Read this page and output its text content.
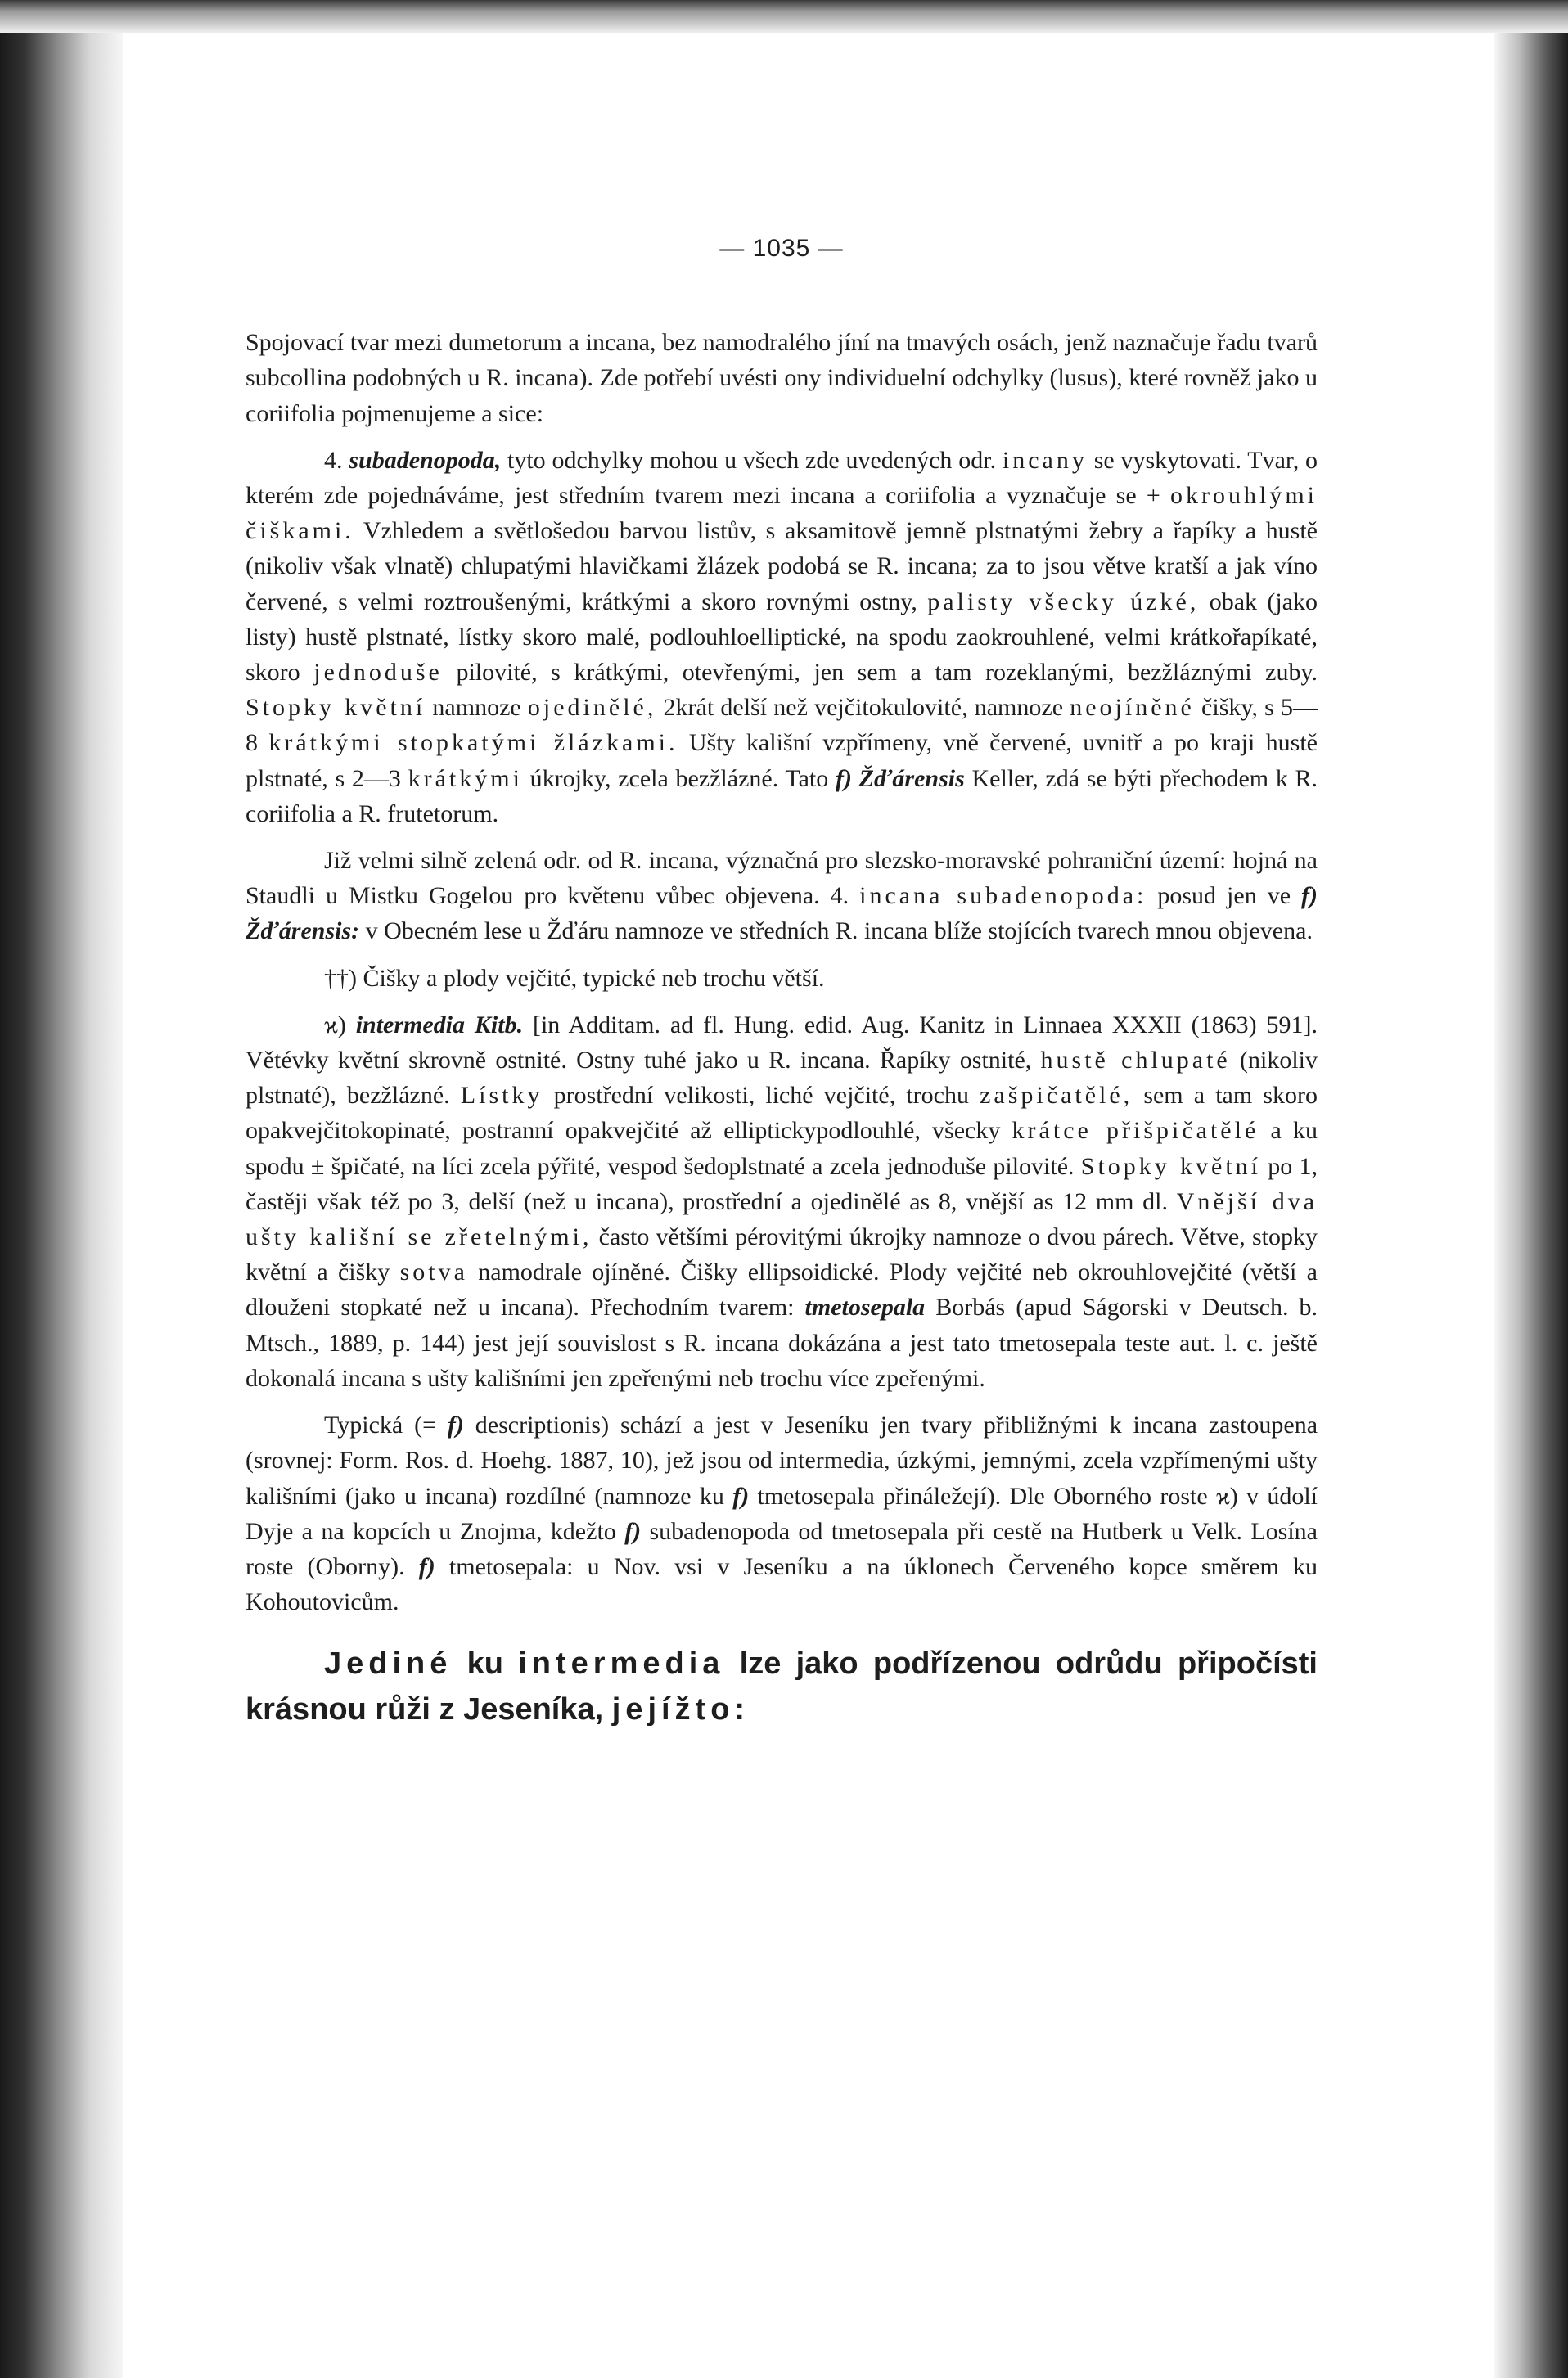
— 1035 —

Spojovací tvar mezi dumetorum a incana, bez namodralého jíní na tmavých osách, jenž naznačuje řadu tvarů subcollina podobných u R. incana). Zde potřebí uvésti ony individuelní odchylky (lusus), které rovněž jako u coriifolia pojmenujeme a sice:

4. subadenopoda, tyto odchylky mohou u všech zde uvedených odr. incany se vyskytovati. Tvar, o kterém zde pojednáváme, jest středním tvarem mezi incana a coriifolia a vyznačuje se + okrouhlými čiškami. Vzhledem a světlošedou barvou listův, s aksamitově jemně plstnatými žebry a řapíky a hustě (nikoliv však vlnatě) chlupatými hlavičkami žlázek podobá se R. incana; za to jsou větve kratší a jak víno červené, s velmi roztroušenými, krátkými a skoro rovnými ostny, palisty všecky úzké, obak (jako listy) hustě plstnaté, lístky skoro malé, podlouhloelliptické, na spodu zaokrouhlené, velmi krátkořapíkaté, skoro jednoduše pilovité, s krátkými, otevřenými, jen sem a tam rozeklanými, bezžláznými zuby. Stopky květní namnoze ojedinělé, 2krát delší než vejčitokulovité, namnoze neojíněné čišky, s 5—8 krátkými stopkatými žlázkami. Ušty kališní vzpřímeny, vně červené, uvnitř a po kraji hustě plstnaté, s 2—3 krátkými úkrojky, zcela bezžlázné. Tato f) Žďárensis Keller, zdá se býti přechodem k R. coriifolia a R. frutetorum.

Již velmi silně zelená odr. od R. incana, význačná pro slezsko-moravské pohraniční území: hojná na Staudli u Mistku Gogelou pro květenu vůbec objevena. 4. incana subadenopoda: posud jen ve f) Žďárensis: v Obecném lese u Žďáru namnoze ve středních R. incana blíže stojících tvarech mnou objevena.

††) Čišky a plody vejčité, typické neb trochu větší.

ϰ) intermedia Kitb. [in Additam. ad fl. Hung. edid. Aug. Kanitz in Linnaea XXXII (1863) 591]. Větévky květní skrovně ostnité. Ostny tuhé jako u R. incana. Řapíky ostnité, hustě chlupaté (nikoliv plstnaté), bezžlázné. Lístky prostřední velikosti, liché vejčité, trochu zašpičatělé, sem a tam skoro opakvejčitokopinaté, postranní opakvejčité až elliptickypodlouhlé, všecky krátce přišpičatělé a ku spodu ± špičaté, na líci zcela pýřité, vespod šedoplstnaté a zcela jednoduše pilovité. Stopky květní po 1, častěji však též po 3, delší (než u incana), prostřední a ojedinělé as 8, vnější as 12 mm dl. Vnější dva ušty kališní se zřetelnými, často většími pérovitými úkrojky namnoze o dvou párech. Větve, stopky květní a čišky sotva namodrale ojíněné. Čišky ellipsoidické. Plody vejčité neb okrouhlovejčité (větší a dlouženi stopkaté než u incana). Přechodním tvarem: tmetosepala Borbás (apud Ságorski v Deutsch. b. Mtsch., 1889, p. 144) jest její souvislost s R. incana dokázána a jest tato tmetosepala teste aut. l. c. ještě dokonalá incana s ušty kališními jen zpeřenými neb trochu více zpeřenými.

Typická (= f) descriptionis) schází a jest v Jeseníku jen tvary přibližnými k incana zastoupena (srovnej: Form. Ros. d. Hoehg. 1887, 10), jež jsou od intermedia, úzkými, jemnými, zcela vzpřímenými ušty kališními (jako u incana) rozdílné (namnoze ku f) tmetosepala přináležejí). Dle Oborného roste ϰ) v údolí Dyje a na kopcích u Znojma, kdežto f) subadenopoda od tmetosepala při cestě na Hutberk u Velk. Losína roste (Oborny). f) tmetosepala: u Nov. vsi v Jeseníku a na úklonech Červeného kopce směrem ku Kohoutovicům.

Jediné ku intermedia lze jako podřízenou odrůdu připočísti krásnou růži z Jeseníka, jejížto:
